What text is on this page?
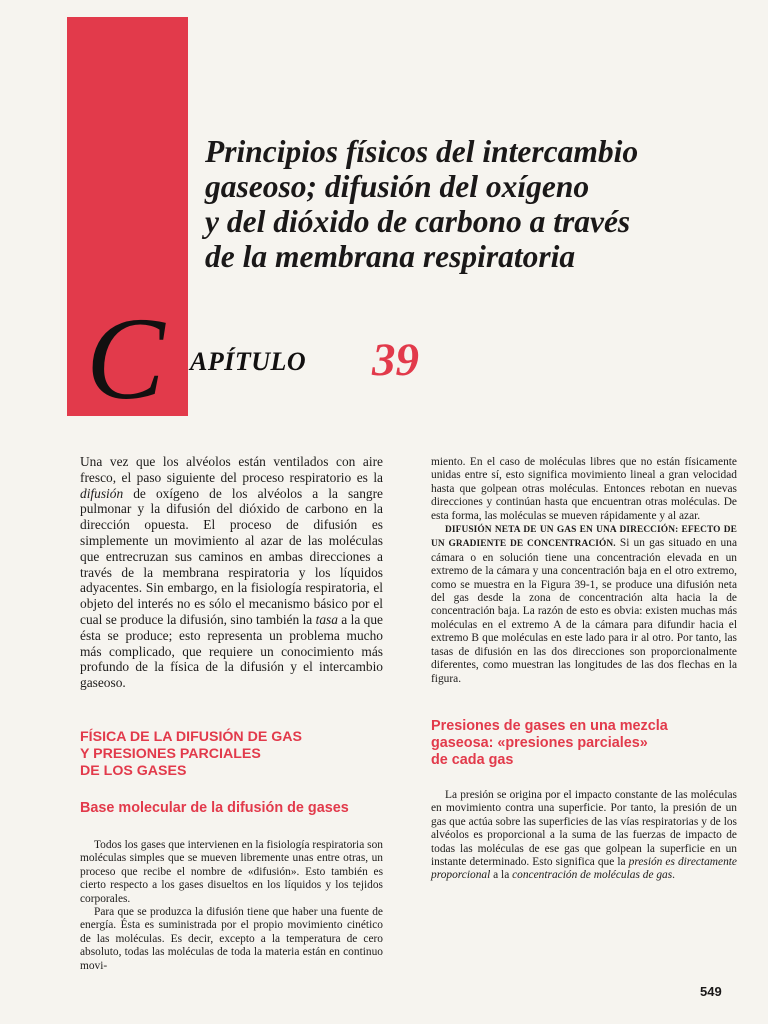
Principios físicos del intercambio
gaseoso; difusión del oxígeno
y del dióxido de carbono a través
de la membrana respiratoria
C APÍTULO 39

Una vez que los alvéolos están ventilados con aire fresco, el paso siguiente del proceso respiratorio es la difusión de oxígeno de los alvéolos a la sangre pulmonar y la difusión del dióxido de carbono en la dirección opuesta. El proceso de difusión es simplemente un movimiento al azar de las moléculas que entrecruzan sus caminos en ambas direcciones a través de la membrana respiratoria y los líquidos adyacentes. Sin embargo, en la fisiología respiratoria, el objeto del interés no es sólo el mecanismo básico por el cual se produce la difusión, sino también la tasa a la que ésta se produce; esto representa un problema mucho más complicado, que requiere un conocimiento más profundo de la física de la difusión y el intercambio gaseoso.

FÍSICA DE LA DIFUSIÓN DE GAS
Y PRESIONES PARCIALES
DE LOS GASES
Base molecular de la difusión de gases

Todos los gases que intervienen en la fisiología respiratoria son moléculas simples que se mueven libremente unas entre otras, un proceso que recibe el nombre de «difusión». Esto también es cierto respecto a los gases disueltos en los líquidos y los tejidos corporales.

Para que se produzca la difusión tiene que haber una fuente de energía. Ésta es suministrada por el propio movimiento cinético de las moléculas. Es decir, excepto a la temperatura de cero absoluto, todas las moléculas de toda la materia están en continuo movi-

miento. En el caso de moléculas libres que no están físicamente unidas entre sí, esto significa movimiento lineal a gran velocidad hasta que golpean otras moléculas. Entonces rebotan en nuevas direcciones y continúan hasta que encuentran otras moléculas. De esta forma, las moléculas se mueven rápidamente y al azar.

DIFUSIÓN NETA DE UN GAS EN UNA DIRECCIÓN: EFECTO DE UN GRADIENTE DE CONCENTRACIÓN. Si un gas situado en una cámara o en solución tiene una concentración elevada en un extremo de la cámara y una concentración baja en el otro extremo, como se muestra en la Figura 39-1, se produce una difusión neta del gas desde la zona de concentración alta hacia la de concentración baja. La razón de esto es obvia: existen muchas más moléculas en el extremo A de la cámara para difundir hacia el extremo B que moléculas en este lado para ir al otro. Por tanto, las tasas de difusión en las dos direcciones son proporcionalmente diferentes, como muestran las longitudes de las dos flechas en la figura.

Presiones de gases en una mezcla
gaseosa: «presiones parciales»
de cada gas

La presión se origina por el impacto constante de las moléculas en movimiento contra una superficie. Por tanto, la presión de un gas que actúa sobre las superficies de las vías respiratorias y de los alvéolos es proporcional a la suma de las fuerzas de impacto de todas las moléculas de ese gas que golpean la superficie en un instante determinado. Esto significa que la presión es directamente proporcional a la concentración de moléculas de gas.

549
